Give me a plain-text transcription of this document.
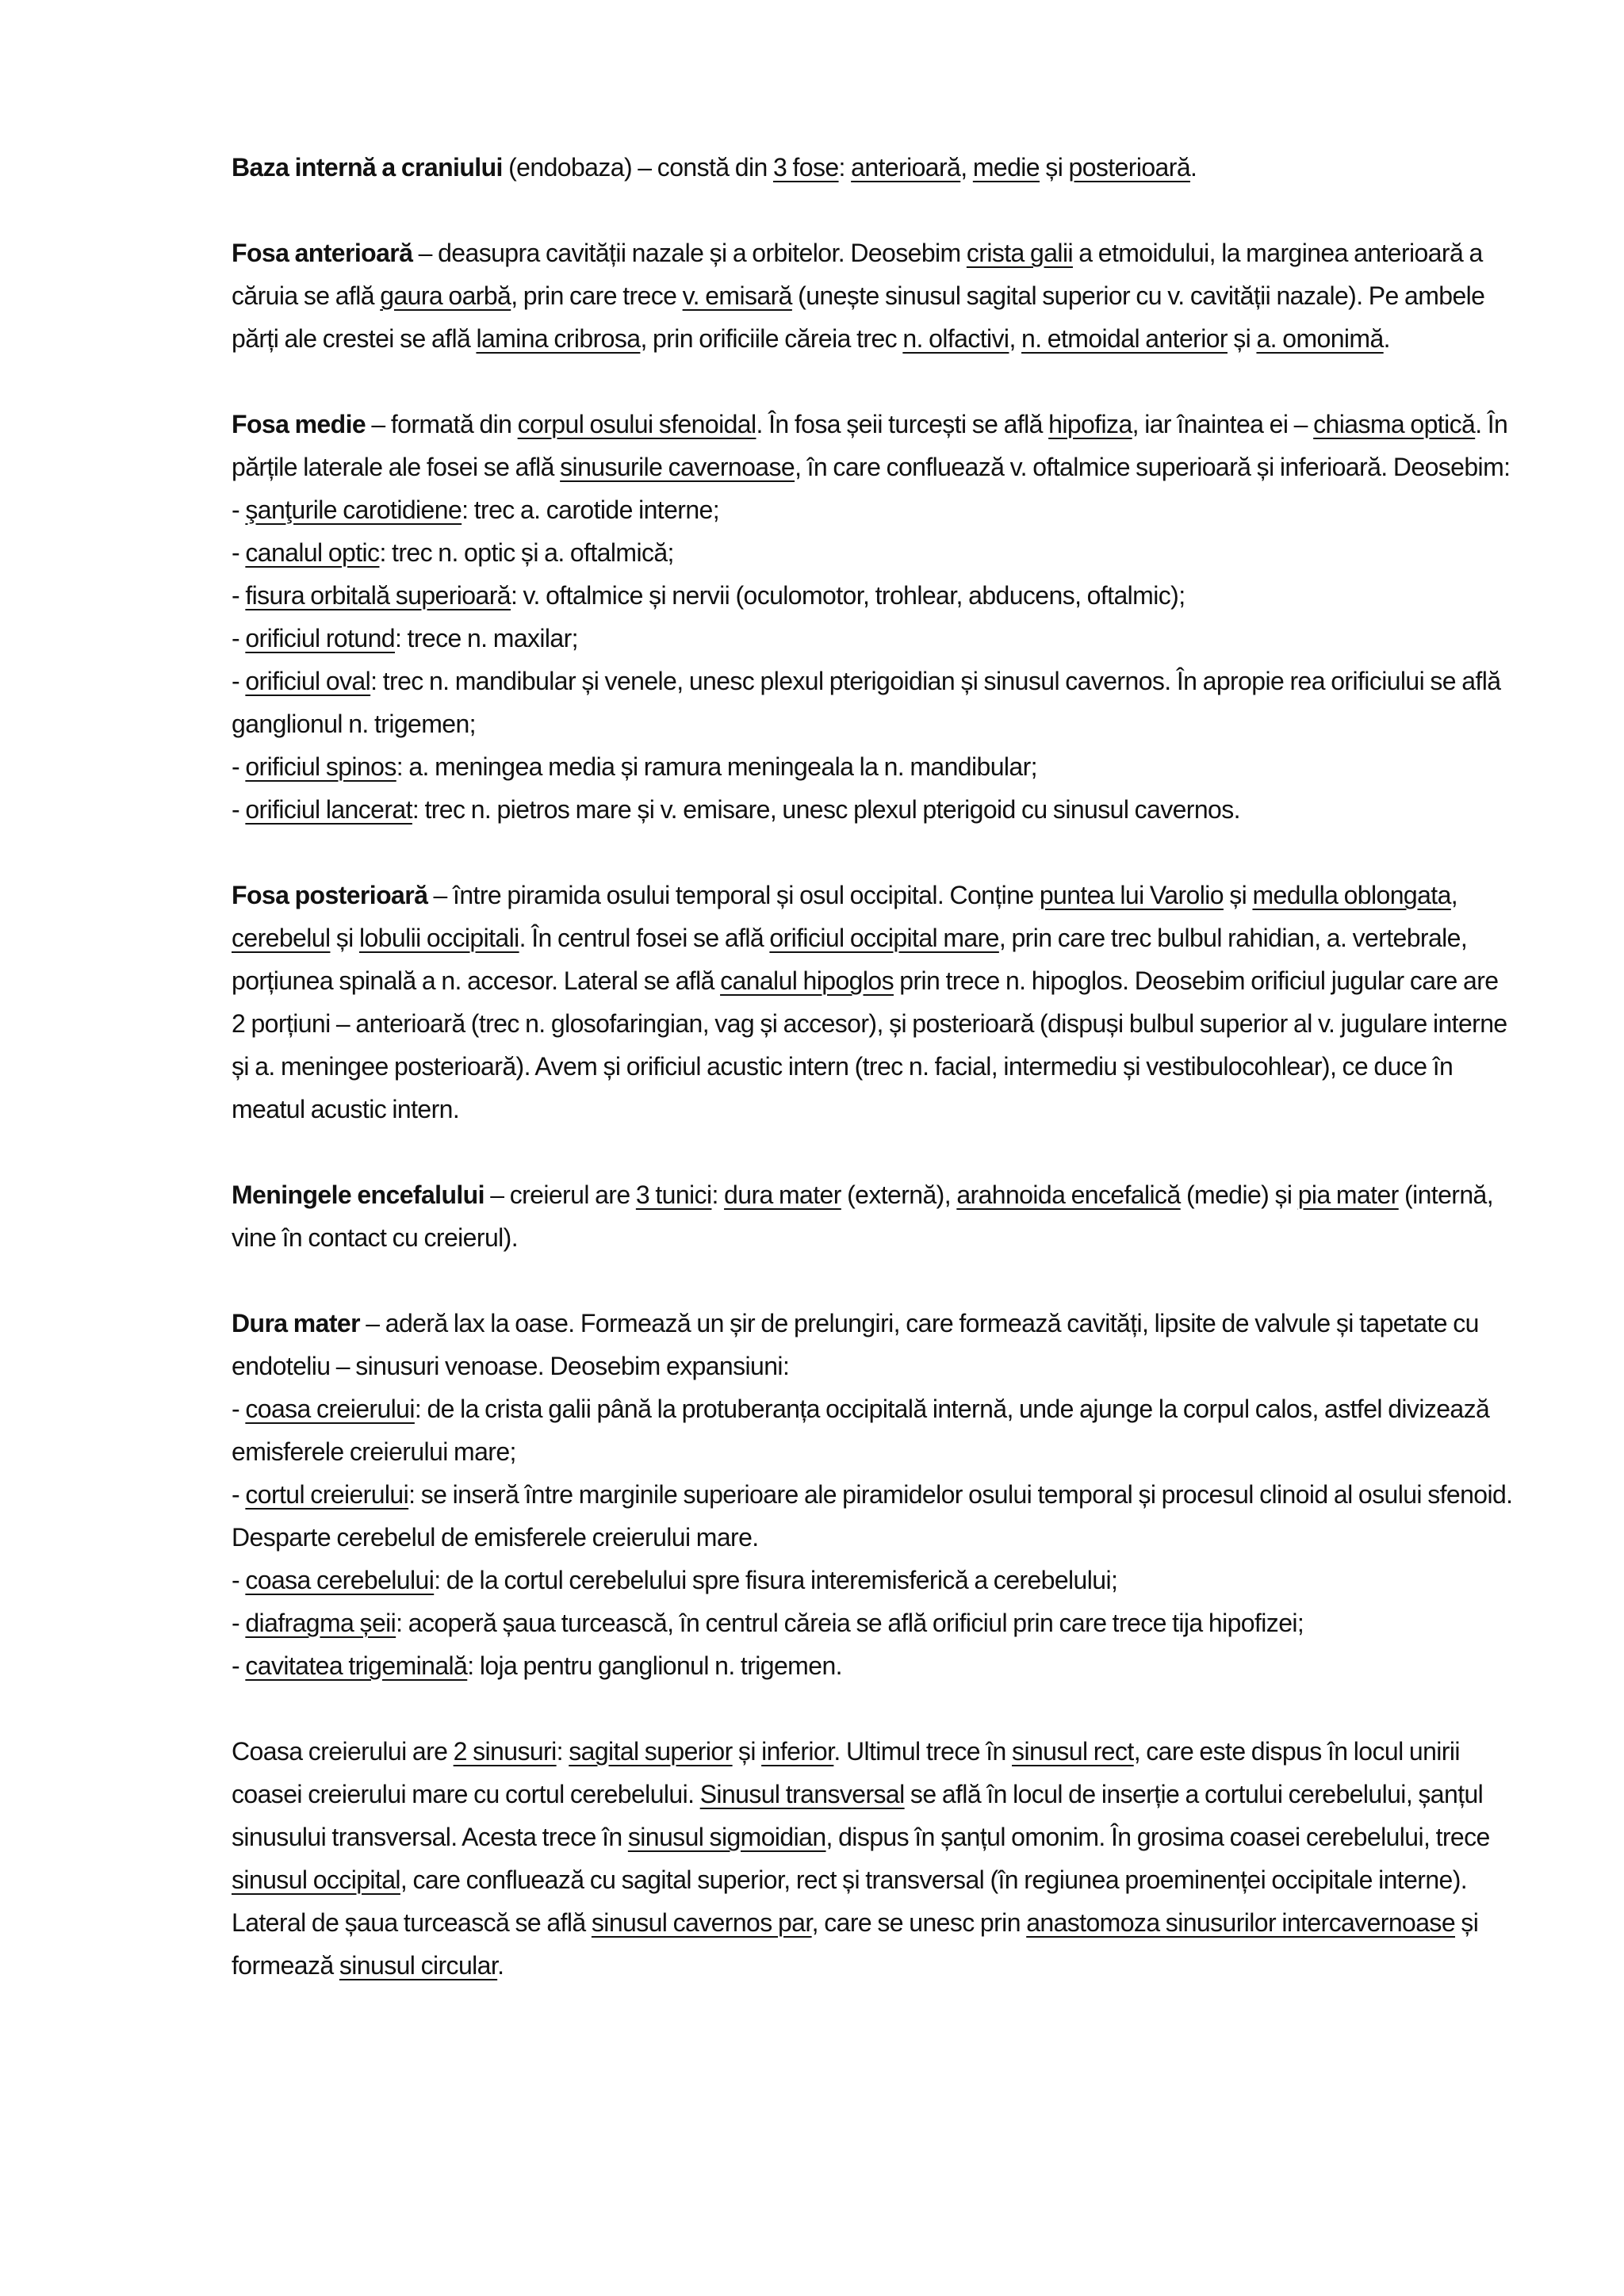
Baza internă a craniului (endobaza) – constă din 3 fose: anterioară, medie și posterioară.

Fosa anterioară – deasupra cavității nazale și a orbitelor. Deosebim crista galii a etmoidului, la marginea anterioară a căruia se află gaura oarbă, prin care trece v. emisară (unește sinusul sagital superior cu v. cavității nazale). Pe ambele părți ale crestei se află lamina cribrosa, prin orificiile căreia trec n. olfactivi, n. etmoidal anterior și a. omonimă.

Fosa medie – formată din corpul osului sfenoidal. În fosa șeii turcești se află hipofiza, iar înaintea ei – chiasma optică. În părțile laterale ale fosei se află sinusurile cavernoase, în care confluează v. oftalmice superioară și inferioară. Deosebim:
- şanţurile carotidiene: trec a. carotide interne;
- canalul optic: trec n. optic și a. oftalmică;
- fisura orbitală superioară: v. oftalmice și nervii (oculomotor, trohlear, abducens, oftalmic);
- orificiul rotund: trece n. maxilar;
- orificiul oval: trec n. mandibular și venele, unesc plexul pterigoidian și sinusul cavernos. În apropie rea orificiului se află ganglionul n. trigemen;
- orificiul spinos: a. meningea media și ramura meningeala la n. mandibular;
- orificiul lancerat: trec n. pietros mare și v. emisare, unesc plexul pterigoid cu sinusul cavernos.

Fosa posterioară – între piramida osului temporal și osul occipital. Conține puntea lui Varolio și medulla oblongata, cerebelul și lobulii occipitali. În centrul fosei se află orificiul occipital mare, prin care trec bulbul rahidian, a. vertebrale, porțiunea spinală a n. accesor. Lateral se află canalul hipoglos prin trece n. hipoglos. Deosebim orificiul jugular care are 2 porțiuni – anterioară (trec n. glosofaringian, vag și accesor), și posterioară (dispuși bulbul superior al v. jugulare interne și a. meningee posterioară). Avem și orificiul acustic intern (trec n. facial, intermediu și vestibulocohlear), ce duce în meatul acustic intern.

Meningele encefalului – creierul are 3 tunici: dura mater (externă), arahnoida encefalică (medie) și pia mater (internă, vine în contact cu creierul).

Dura mater – aderă lax la oase. Formează un șir de prelungiri, care formează cavități, lipsite de valvule și tapetate cu endoteliu – sinusuri venoase. Deosebim expansiuni:
- coasa creierului: de la crista galii până la protuberanța occipitală internă, unde ajunge la corpul calos, astfel divizează emisferele creierului mare;
- cortul creierului: se inseră între marginile superioare ale piramidelor osului temporal și procesul clinoid al osului sfenoid. Desparte cerebelul de emisferele creierului mare.
- coasa cerebelului: de la cortul cerebelului spre fisura interemisferică a cerebelului;
- diafragma șeii: acoperă șaua turcească, în centrul căreia se află orificiul prin care trece tija hipofizei;
- cavitatea trigeminală: loja pentru ganglionul n. trigemen.
Coasa creierului are 2 sinusuri: sagital superior și inferior. Ultimul trece în sinusul rect, care este dispus în locul unirii coasei creierului mare cu cortul cerebelului. Sinusul transversal se află în locul de inserție a cortului cerebelului, șanțul sinusului transversal. Acesta trece în sinusul sigmoidian, dispus în șanțul omonim. În grosima coasei cerebelului, trece sinusul occipital, care confluează cu sagital superior, rect și transversal (în regiunea proeminenței occipitale interne).
Lateral de șaua turcească se află sinusul cavernos par, care se unesc prin anastomoza sinusurilor intercavernoase și formează sinusul circular.
